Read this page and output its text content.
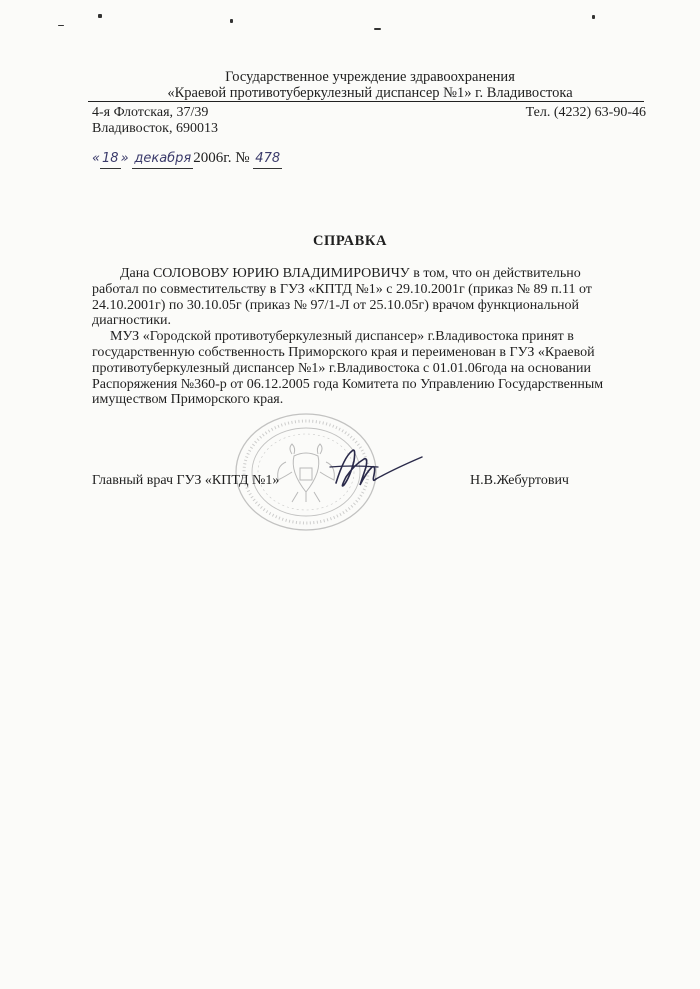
Государственное учреждение здравоохранения
«Краевой противотуберкулезный диспансер №1» г. Владивостока
4-я Флотская, 37/39
Владивосток, 690013
Тел. (4232) 63-90-46
« 18 » декабря 2006г. № 478
СПРАВКА

Дана СОЛОВОВУ ЮРИЮ ВЛАДИМИРОВИЧУ в том, что он действительно
работал по совместительству в ГУЗ «КПТД №1» с 29.10.2001г (приказ № 89 п.11 от
24.10.2001г) по 30.10.05г (приказ № 97/1-Л от 25.10.05г) врачом функциональной
диагностики.

МУЗ «Городской противотуберкулезный диспансер» г.Владивостока принят в
государственную собственность Приморского края и переименован в ГУЗ «Краевой
противотуберкулезный диспансер №1» г.Владивостока с 01.01.06года на основании
Распоряжения №360-р от 06.12.2005 года Комитета по Управлению Государственным
имуществом Приморского края.

Главный врач ГУЗ «КПТД №1»	Н.В.Жебуртович
